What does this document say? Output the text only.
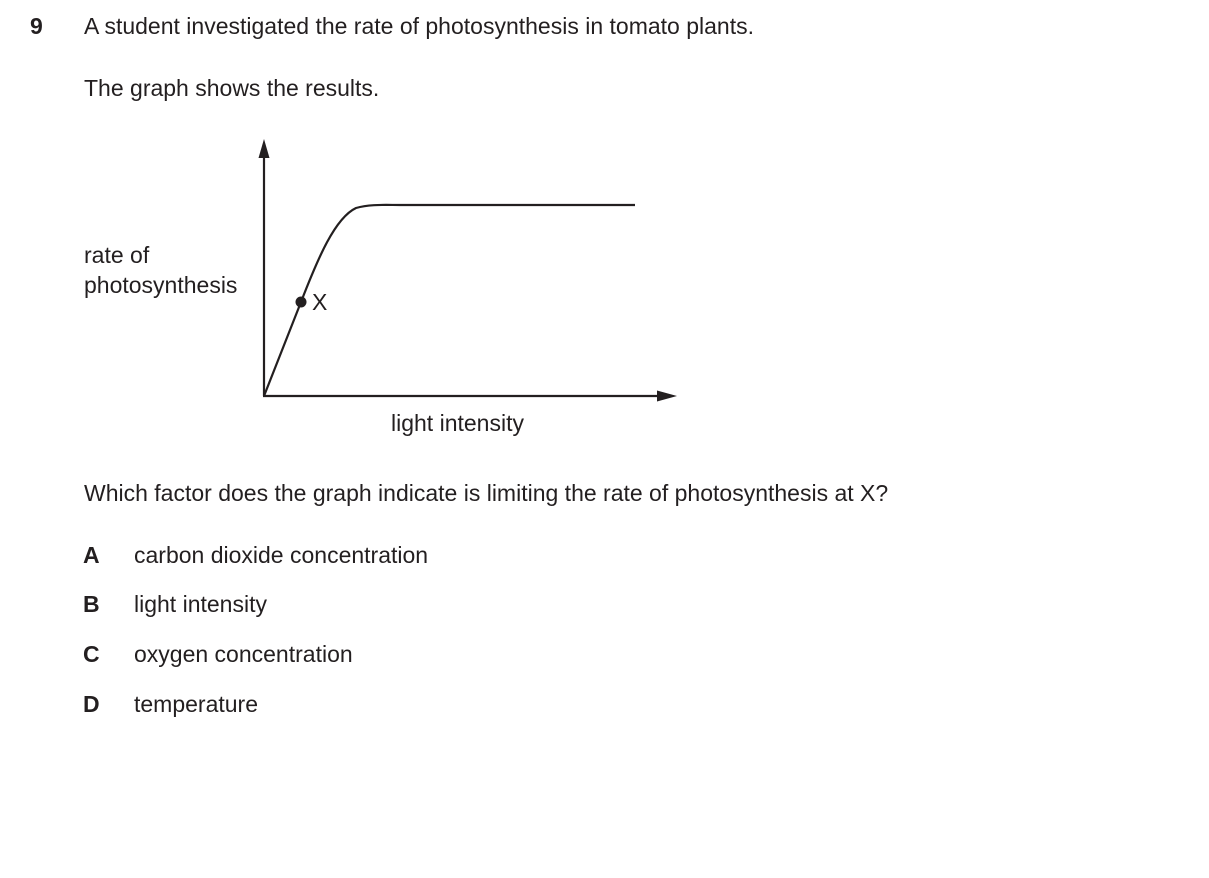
9 A student investigated the rate of photosynthesis in tomato plants.
The graph shows the results.
rate of
photosynthesis
X
light intensity
Which factor does the graph indicate is limiting the rate of photosynthesis at X?
A carbon dioxide concentration
B light intensity
C oxygen concentration
D temperature
